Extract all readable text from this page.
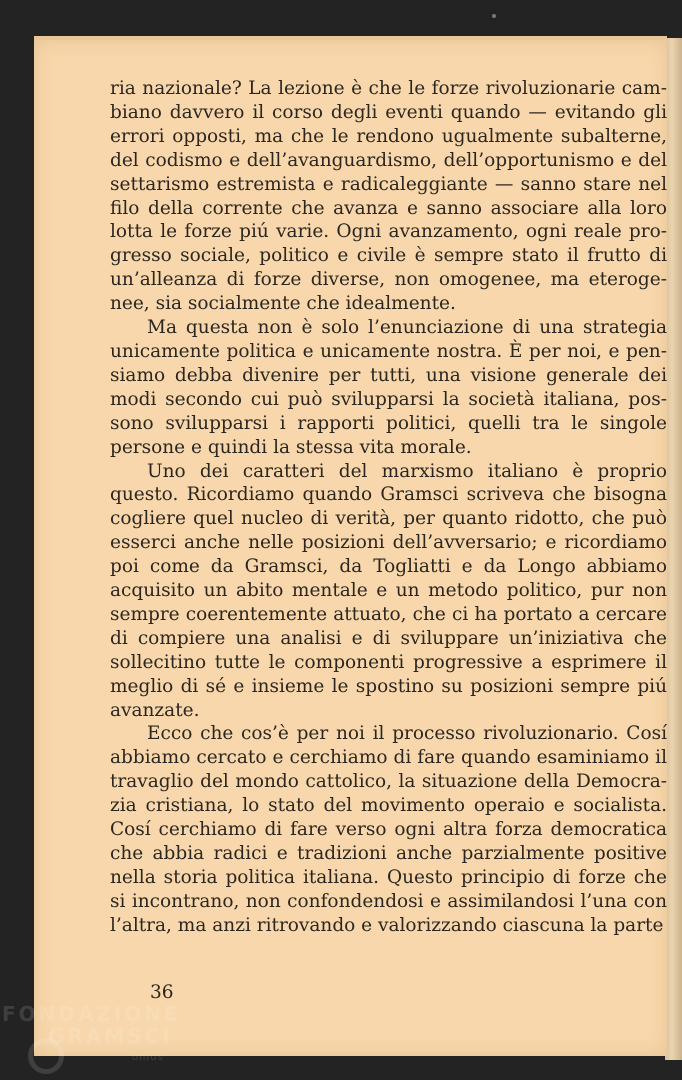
ria nazionale? La lezione è che le forze rivoluzionarie cambiano davvero il corso degli eventi quando — evitando gli errori opposti, ma che le rendono ugualmente subalterne, del codismo e dell’avanguardismo, dell’opportunismo e del settarismo estremista e radicaleggiante — sanno stare nel filo della corrente che avanza e sanno associare alla loro lotta le forze piú varie. Ogni avanzamento, ogni reale progresso sociale, politico e civile è sempre stato il frutto di un’alleanza di forze diverse, non omogenee, ma eterogenee, sia socialmente che idealmente.

Ma questa non è solo l’enunciazione di una strategia unicamente politica e unicamente nostra. È per noi, e pensiamo debba divenire per tutti, una visione generale dei modi secondo cui può svilupparsi la società italiana, possono svilupparsi i rapporti politici, quelli tra le singole persone e quindi la stessa vita morale.

Uno dei caratteri del marxismo italiano è proprio questo. Ricordiamo quando Gramsci scriveva che bisogna cogliere quel nucleo di verità, per quanto ridotto, che può esserci anche nelle posizioni dell’avversario; e ricordiamo poi come da Gramsci, da Togliatti e da Longo abbiamo acquisito un abito mentale e un metodo politico, pur non sempre coerentemente attuato, che ci ha portato a cercare di compiere una analisi e di sviluppare un’iniziativa che sollecitino tutte le componenti progressive a esprimere il meglio di sé e insieme le spostino su posizioni sempre piú avanzate.

Ecco che cos’è per noi il processo rivoluzionario. Cosí abbiamo cercato e cerchiamo di fare quando esaminiamo il travaglio del mondo cattolico, la situazione della Democrazia cristiana, lo stato del movimento operaio e socialista. Cosí cerchiamo di fare verso ogni altra forza democratica che abbia radici e tradizioni anche parzialmente positive nella storia politica italiana. Questo principio di forze che si incontrano, non confondendosi e assimilandosi l’una con l’altra, ma anzi ritrovando e valorizzando ciascuna la parte

36
FONDAZIONE
GRAMSCI
onlus
